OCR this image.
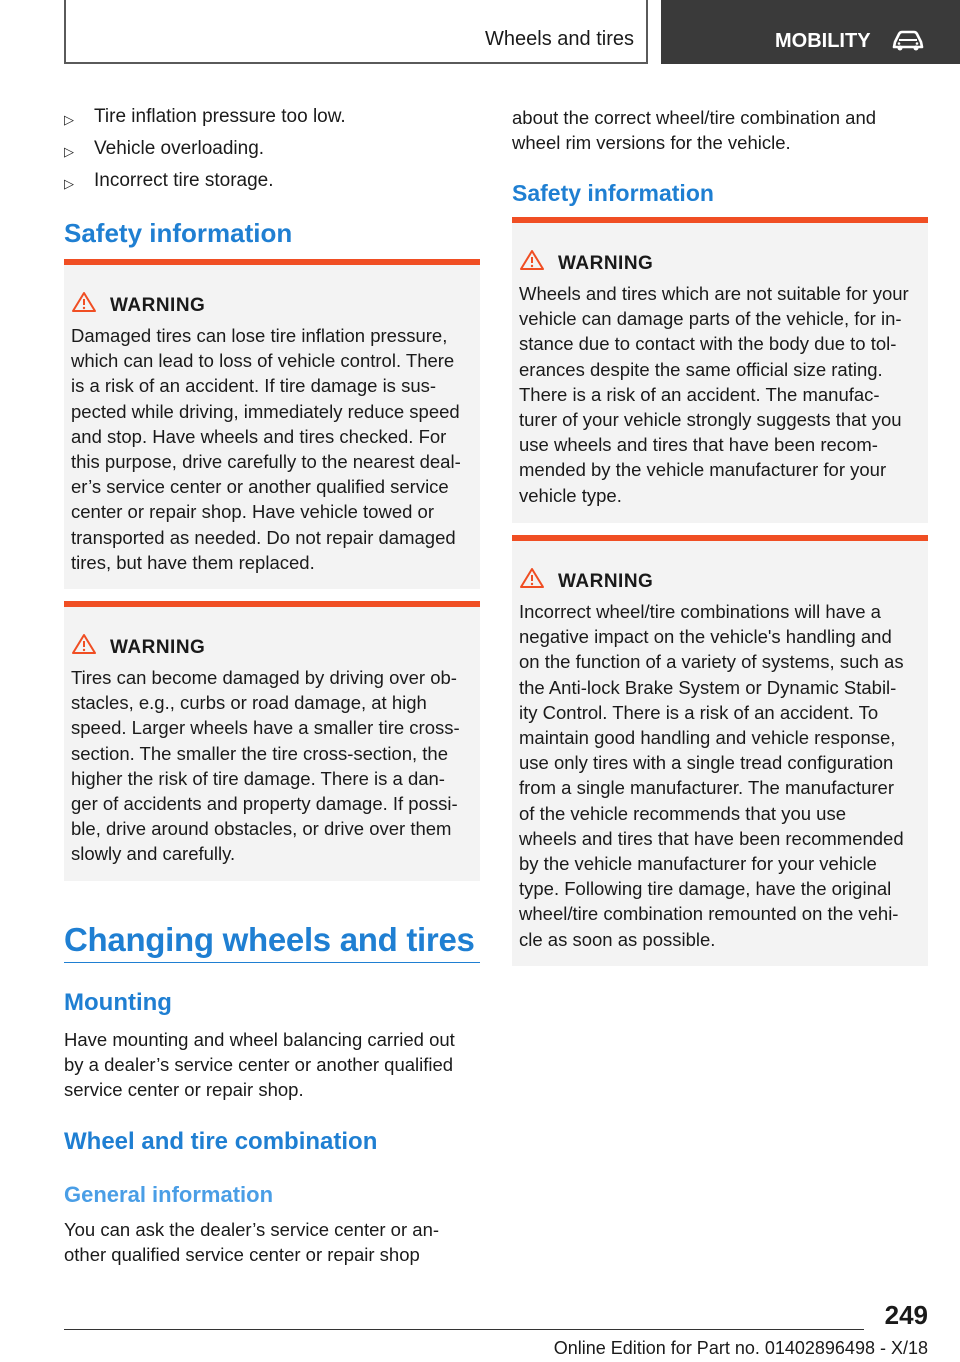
Wheels and tires	MOBILITY
▷ Tire inflation pressure too low.
▷ Vehicle overloading.
▷ Incorrect tire storage.
Safety information
WARNING
Damaged tires can lose tire inflation pressure,
which can lead to loss of vehicle control. There
is a risk of an accident. If tire damage is sus-
pected while driving, immediately reduce speed
and stop. Have wheels and tires checked. For
this purpose, drive carefully to the nearest deal-
er’s service center or another qualified service
center or repair shop. Have vehicle towed or
transported as needed. Do not repair damaged
tires, but have them replaced.
WARNING
Tires can become damaged by driving over ob-
stacles, e.g., curbs or road damage, at high
speed. Larger wheels have a smaller tire cross-
section. The smaller the tire cross-section, the
higher the risk of tire damage. There is a dan-
ger of accidents and property damage. If possi-
ble, drive around obstacles, or drive over them
slowly and carefully.
Changing wheels and tires
Mounting
Have mounting and wheel balancing carried out
by a dealer’s service center or another qualified
service center or repair shop.
Wheel and tire combination
General information
You can ask the dealer’s service center or an-
other qualified service center or repair shop
about the correct wheel/tire combination and
wheel rim versions for the vehicle.
Safety information
WARNING
Wheels and tires which are not suitable for your
vehicle can damage parts of the vehicle, for in-
stance due to contact with the body due to tol-
erances despite the same official size rating.
There is a risk of an accident. The manufac-
turer of your vehicle strongly suggests that you
use wheels and tires that have been recom-
mended by the vehicle manufacturer for your
vehicle type.
WARNING
Incorrect wheel/tire combinations will have a
negative impact on the vehicle's handling and
on the function of a variety of systems, such as
the Anti-lock Brake System or Dynamic Stabil-
ity Control. There is a risk of an accident. To
maintain good handling and vehicle response,
use only tires with a single tread configuration
from a single manufacturer. The manufacturer
of the vehicle recommends that you use
wheels and tires that have been recommended
by the vehicle manufacturer for your vehicle
type. Following tire damage, have the original
wheel/tire combination remounted on the vehi-
cle as soon as possible.
249
Online Edition for Part no. 01402896498 - X/18
